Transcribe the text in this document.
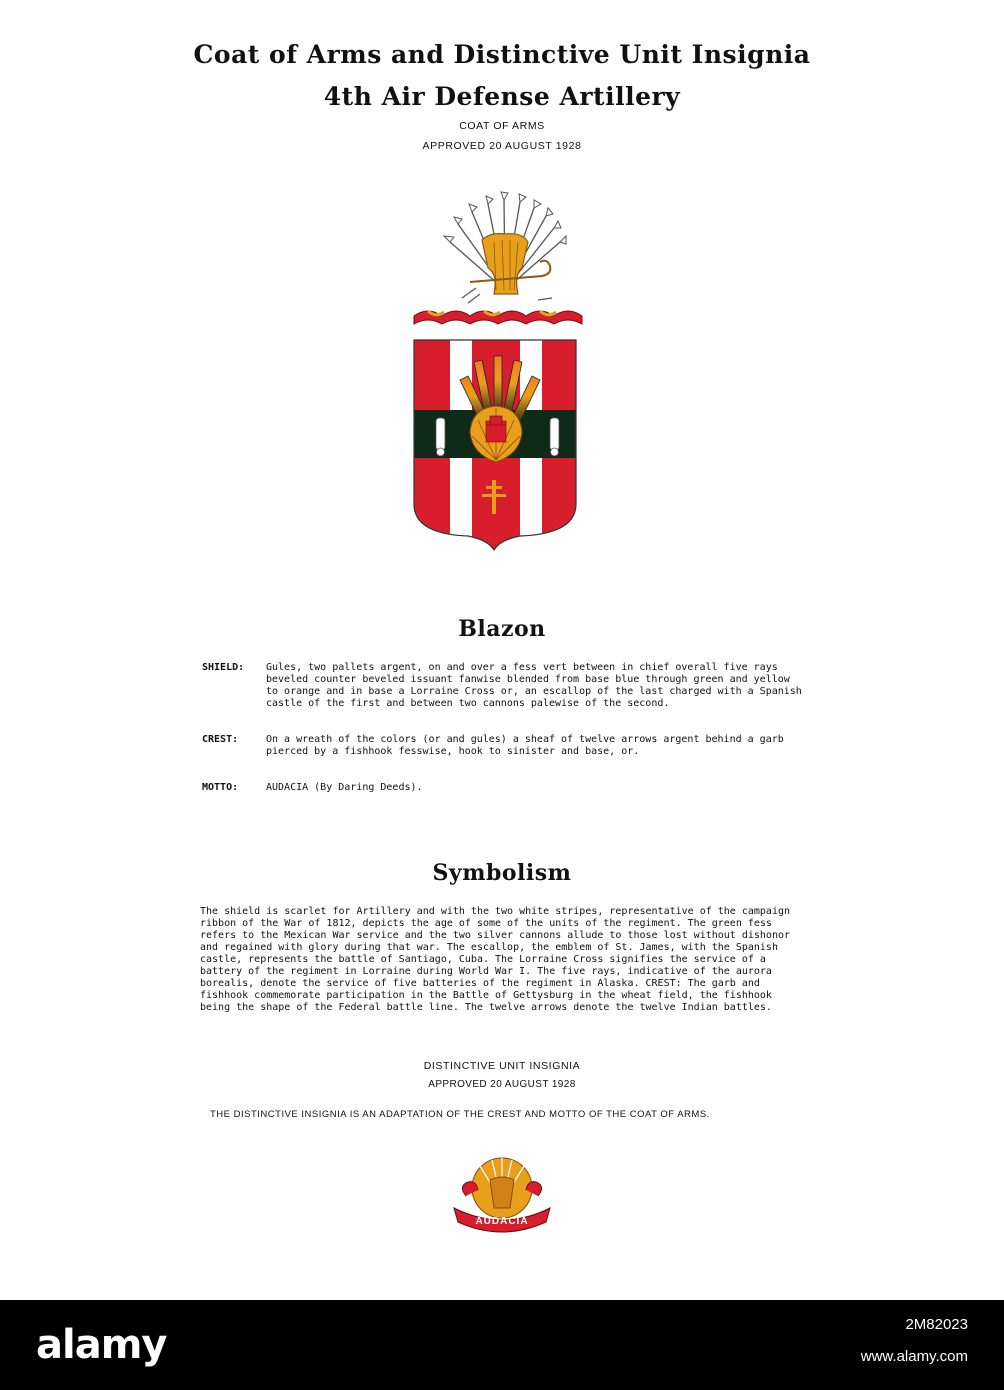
Coat of Arms and Distinctive Unit Insignia
4th Air Defense Artillery
COAT OF ARMS
APPROVED 20 AUGUST 1928
Blazon
SHIELD:	Gules, two pallets argent, on and over a fess vert between in chief overall five rays beveled counter beveled issuant fanwise blended from base blue through green and yellow to orange and in base a Lorraine Cross or, an escallop of the last charged with a Spanish castle of the first and between two cannons palewise of the second.
CREST:	On a wreath of the colors (or and gules) a sheaf of twelve arrows argent behind a garb pierced by a fishhook fesswise, hook to sinister and base, or.
MOTTO:	AUDACIA (By Daring Deeds).
Symbolism
The shield is scarlet for Artillery and with the two white stripes, representative of the campaign ribbon of the War of 1812, depicts the age of some of the units of the regiment. The green fess refers to the Mexican War service and the two silver cannons allude to those lost without dishonor and regained with glory during that war. The escallop, the emblem of St. James, with the Spanish castle, represents the battle of Santiago, Cuba. The Lorraine Cross signifies the service of a battery of the regiment in Lorraine during World War I. The five rays, indicative of the aurora borealis, denote the service of five batteries of the regiment in Alaska. CREST: The garb and fishhook commemorate participation in the Battle of Gettysburg in the wheat field, the fishhook being the shape of the Federal battle line. The twelve arrows denote the twelve Indian battles.
DISTINCTIVE UNIT INSIGNIA
APPROVED 20 AUGUST 1928
THE DISTINCTIVE INSIGNIA IS AN ADAPTATION OF THE CREST AND MOTTO OF THE COAT OF ARMS.
AUDACIA
alamy	2M82023
www.alamy.com
